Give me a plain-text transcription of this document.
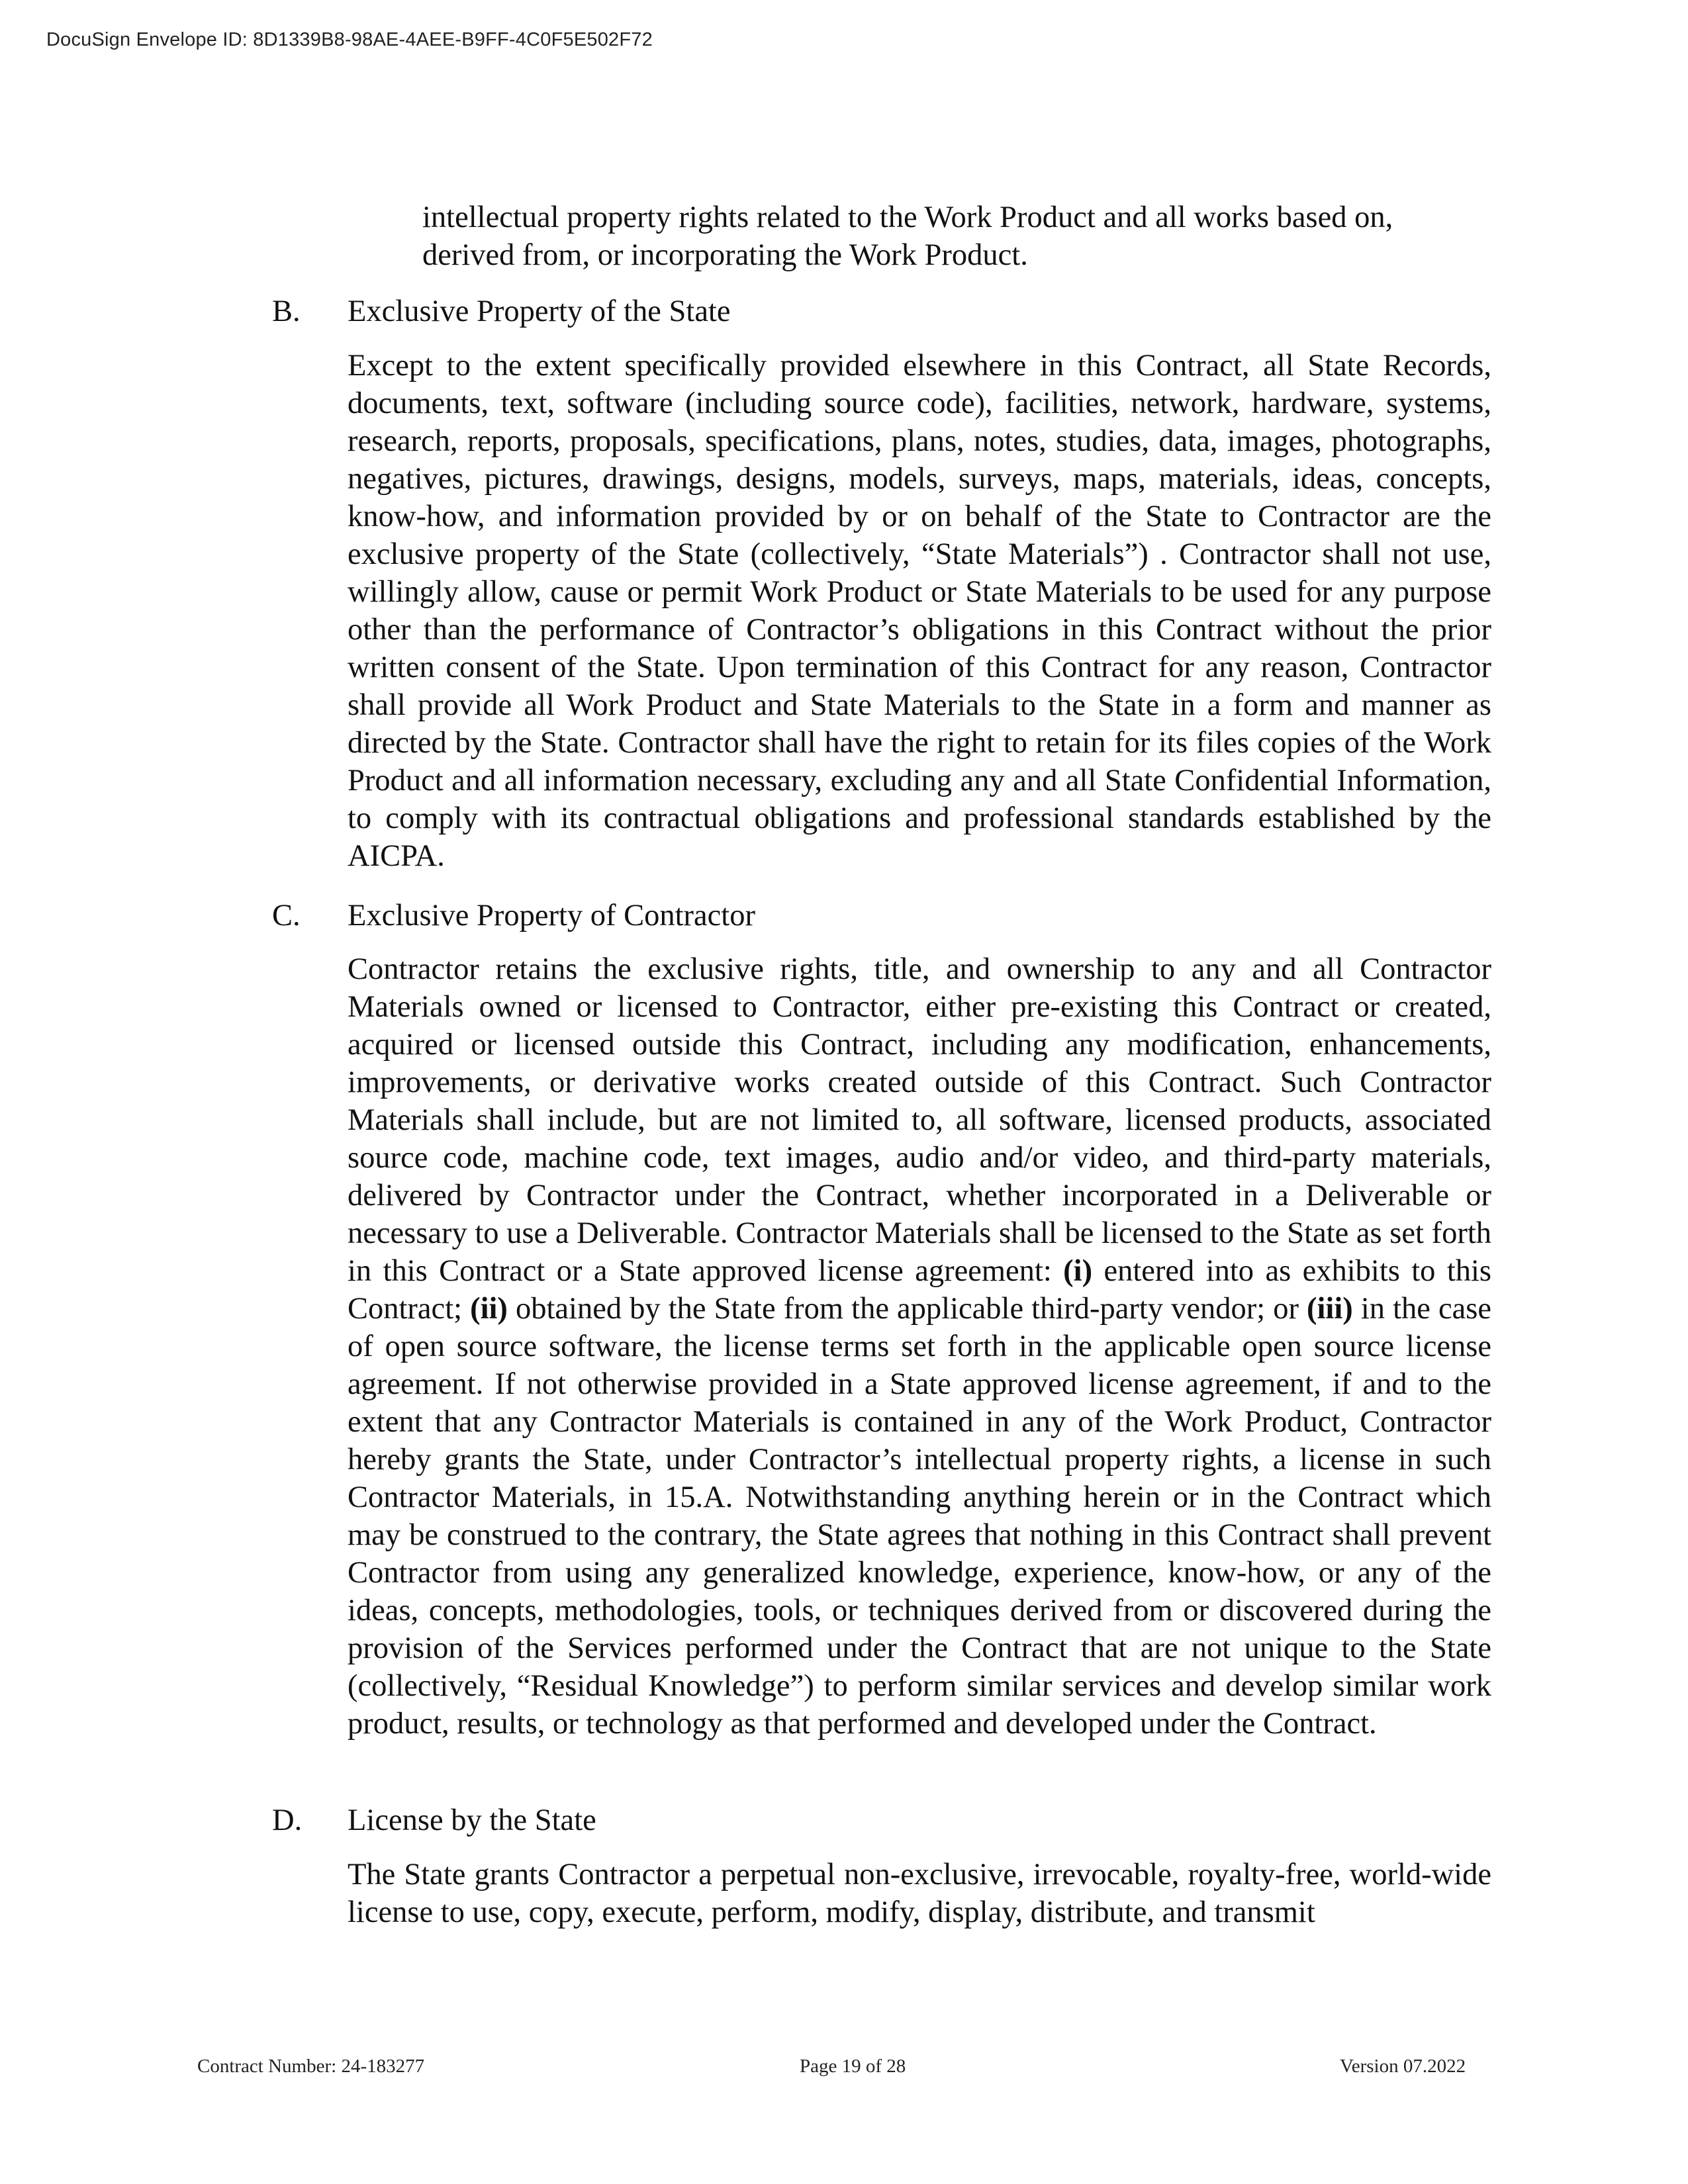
DocuSign Envelope ID: 8D1339B8-98AE-4AEE-B9FF-4C0F5E502F72

intellectual property rights related to the Work Product and all works based on, derived from, or incorporating the Work Product.

B. Exclusive Property of the State

Except to the extent specifically provided elsewhere in this Contract, all State Records, documents, text, software (including source code), facilities, network, hardware, systems, research, reports, proposals, specifications, plans, notes, studies, data, images, photographs, negatives, pictures, drawings, designs, models, surveys, maps, materials, ideas, concepts, know-how, and information provided by or on behalf of the State to Contractor are the exclusive property of the State (collectively, “State Materials”) . Contractor shall not use, willingly allow, cause or permit Work Product or State Materials to be used for any purpose other than the performance of Contractor’s obligations in this Contract without the prior written consent of the State. Upon termination of this Contract for any reason, Contractor shall provide all Work Product and State Materials to the State in a form and manner as directed by the State. Contractor shall have the right to retain for its files copies of the Work Product and all information necessary, excluding any and all State Confidential Information, to comply with its contractual obligations and professional standards established by the AICPA.

C. Exclusive Property of Contractor

Contractor retains the exclusive rights, title, and ownership to any and all Contractor Materials owned or licensed to Contractor, either pre-existing this Contract or created, acquired or licensed outside this Contract, including any modification, enhancements, improvements, or derivative works created outside of this Contract. Such Contractor Materials shall include, but are not limited to, all software, licensed products, associated source code, machine code, text images, audio and/or video, and third-party materials, delivered by Contractor under the Contract, whether incorporated in a Deliverable or necessary to use a Deliverable. Contractor Materials shall be licensed to the State as set forth in this Contract or a State approved license agreement: (i) entered into as exhibits to this Contract; (ii) obtained by the State from the applicable third-party vendor; or (iii) in the case of open source software, the license terms set forth in the applicable open source license agreement. If not otherwise provided in a State approved license agreement, if and to the extent that any Contractor Materials is contained in any of the Work Product, Contractor hereby grants the State, under Contractor’s intellectual property rights, a license in such Contractor Materials, in 15.A. Notwithstanding anything herein or in the Contract which may be construed to the contrary, the State agrees that nothing in this Contract shall prevent Contractor from using any generalized knowledge, experience, know-how, or any of the ideas, concepts, methodologies, tools, or techniques derived from or discovered during the provision of the Services performed under the Contract that are not unique to the State (collectively, “Residual Knowledge”) to perform similar services and develop similar work product, results, or technology as that performed and developed under the Contract.

D. License by the State

The State grants Contractor a perpetual non-exclusive, irrevocable, royalty-free, world-wide license to use, copy, execute, perform, modify, display, distribute, and transmit

Contract Number: 24-183277	Page 19 of 28	Version 07.2022
